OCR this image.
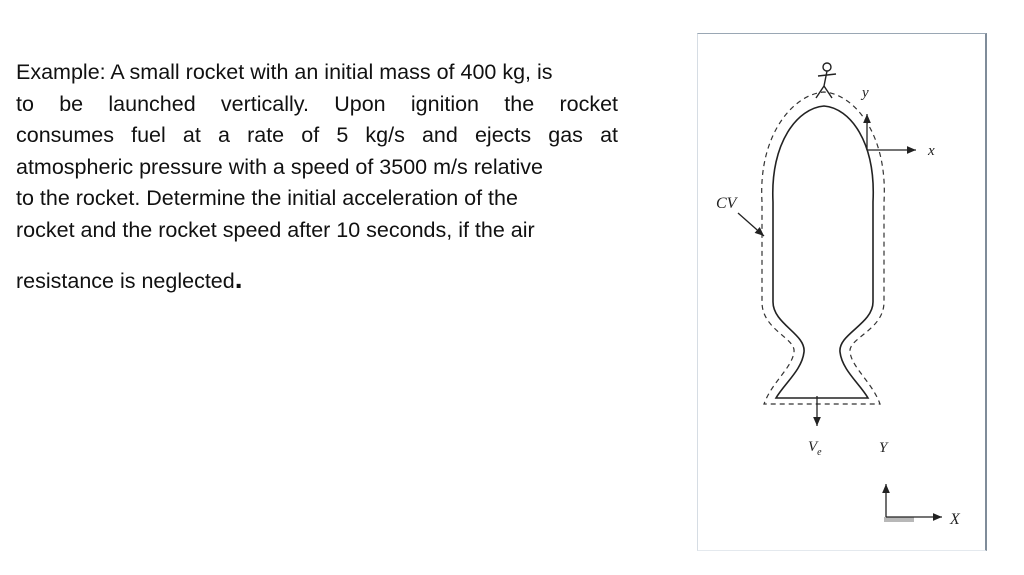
Example: A small rocket with an initial mass of 400 kg, is
to be launched vertically. Upon ignition the rocket
consumes fuel at a rate of 5 kg/s and ejects gas at
atmospheric pressure with a speed of 3500 m/s relative
to the rocket. Determine the initial acceleration of the
rocket and the rocket speed after 10 seconds, if the air
resistance is neglected.
y
x
CV
$V_e$	Y
X
